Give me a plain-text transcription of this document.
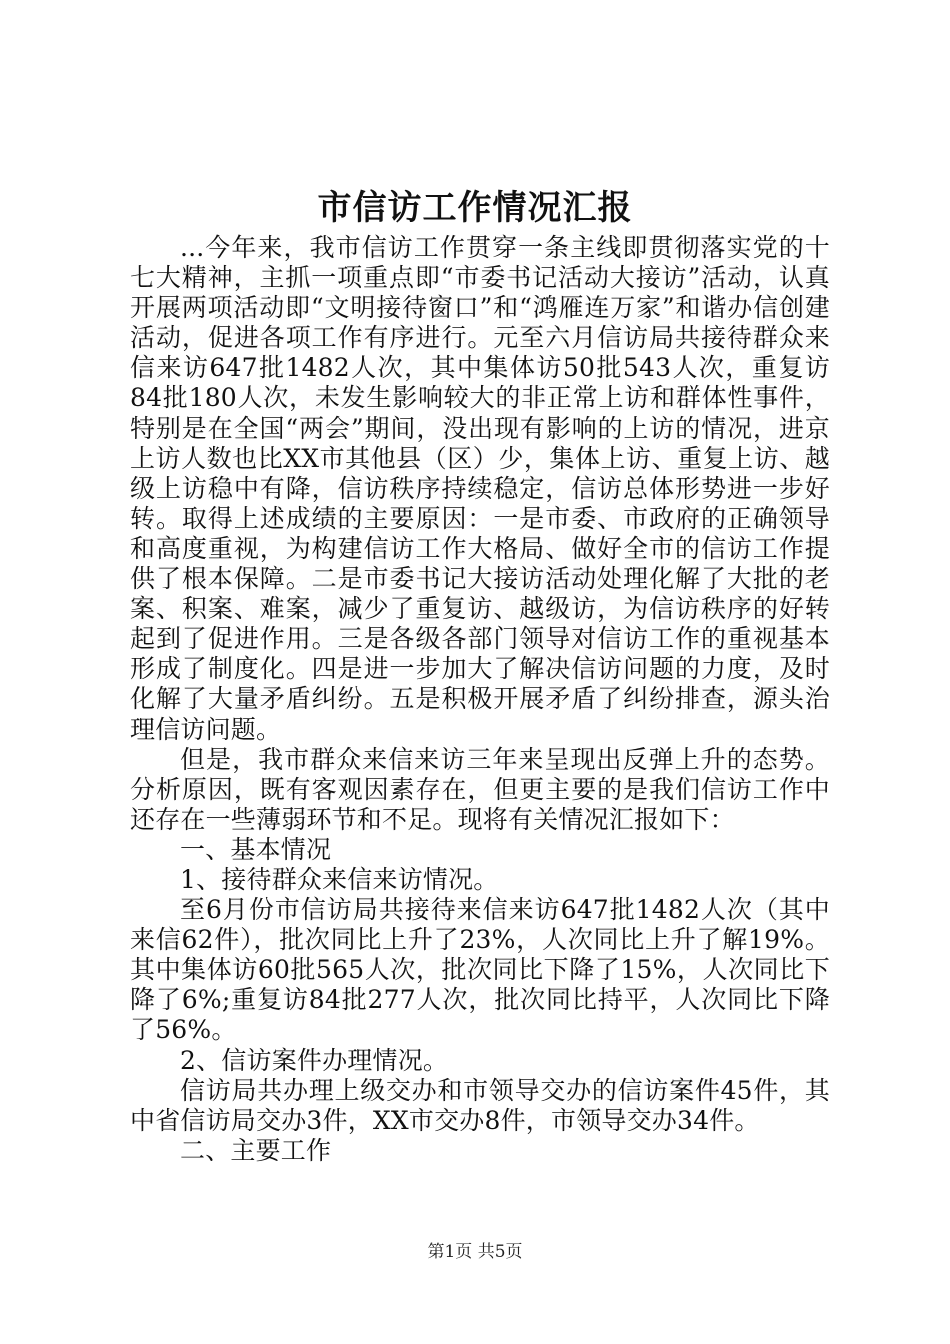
市信访工作情况汇报

...今年来，我市信访工作贯穿一条主线即贯彻落实党的十七大精神，主抓一项重点即“市委书记活动大接访”活动，认真开展两项活动即“文明接待窗口”和“鸿雁连万家”和谐办信创建活动，促进各项工作有序进行。元至六月信访局共接待群众来信来访647批1482人次，其中集体访50批543人次，重复访84批180人次，未发生影响较大的非正常上访和群体性事件，特别是在全国“两会”期间，没出现有影响的上访的情况，进京上访人数也比XX市其他县（区）少，集体上访、重复上访、越级上访稳中有降，信访秩序持续稳定，信访总体形势进一步好转。取得上述成绩的主要原因：一是市委、市政府的正确领导和高度重视，为构建信访工作大格局、做好全市的信访工作提供了根本保障。二是市委书记大接访活动处理化解了大批的老案、积案、难案，减少了重复访、越级访，为信访秩序的好转起到了促进作用。三是各级各部门领导对信访工作的重视基本形成了制度化。四是进一步加大了解决信访问题的力度，及时化解了大量矛盾纠纷。五是积极开展矛盾了纠纷排查，源头治理信访问题。

但是，我市群众来信来访三年来呈现出反弹上升的态势。分析原因，既有客观因素存在，但更主要的是我们信访工作中还存在一些薄弱环节和不足。现将有关情况汇报如下：

一、基本情况

1、接待群众来信来访情况。

至6月份市信访局共接待来信来访647批1482人次（其中来信62件），批次同比上升了23%，人次同比上升了解19%。其中集体访60批565人次，批次同比下降了15%，人次同比下降了6%;重复访84批277人次，批次同比持平，人次同比下降了56%。

2、信访案件办理情况。

信访局共办理上级交办和市领导交办的信访案件45件，其中省信访局交办3件，XX市交办8件，市领导交办34件。

二、主要工作

第1页 共5页
